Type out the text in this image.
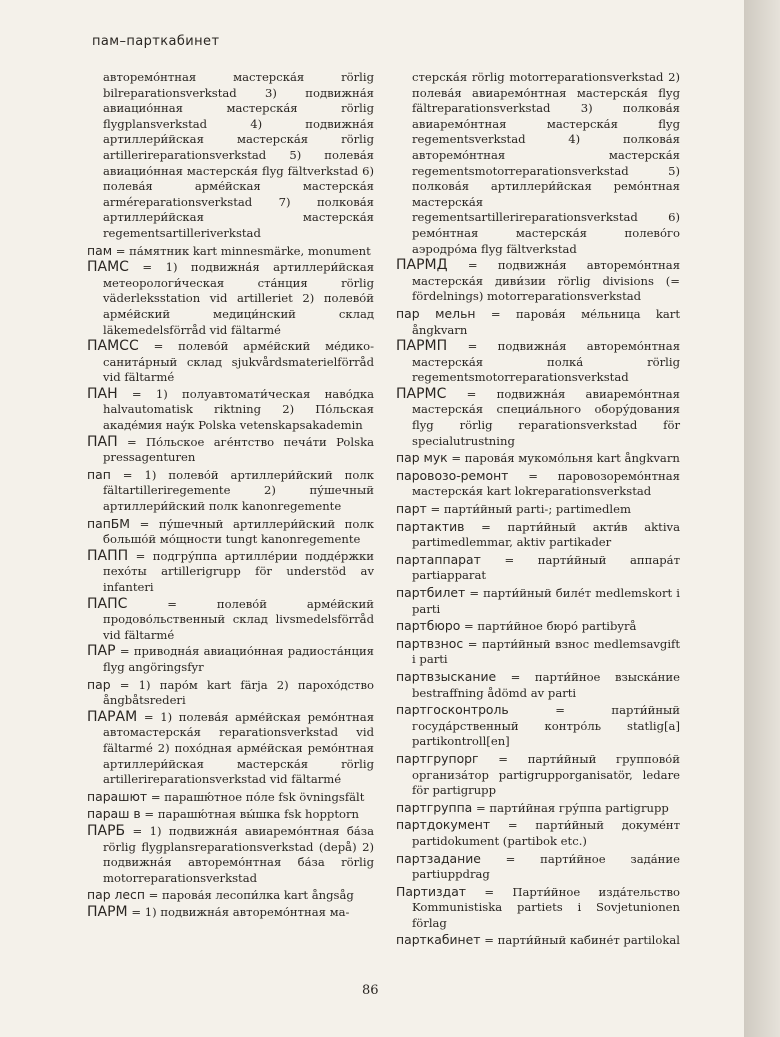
пам–парткабинет
авторемо́нтная мастерска́я rörlig bilreparationsverkstad 3) подвижна́я авиацио́нная мастерска́я rörlig flygplansverkstad 4) подвижна́я артиллери́йская мастерска́я rörlig artillerireparationsverkstad 5) полева́я авиацио́нная мастерска́я flyg fältverkstad 6) полева́я арме́йская мастерска́я arméreparationsverkstad 7) полкова́я артиллери́йская мастерска́я regementsartilleriverkstad
пам = па́мятник kart minnesmärke, monument
ПАМС = 1) подвижна́я артиллери́йская метеорологи́ческая ста́нция rörlig väderleksstation vid artilleriet 2) полево́й арме́йский медици́нский склад läkemedelsförråd vid fältarmé
ПАМСС = полево́й арме́йский ме́дико-санита́рный склад sjukvårdsmaterielförråd vid fältarmé
ПАН = 1) полуавтомати́ческая наво́дка halvautomatisk riktning 2) По́льская акаде́мия нау́к Polska vetenskapsakademin
ПАП = По́льское аге́нтство печа́ти Polska pressagenturen
пап = 1) полево́й артиллери́йский полк fältartilleriregemente 2) пу́шечный артиллери́йский полк kanonregemente
папБМ = пу́шечный артиллери́йский полк большо́й мо́щности tungt kanonregemente
ПАПП = подгру́ппа артилле́рии подде́ржки пехо́ты artillerigrupp för understöd av infanteri
ПАПС	= полево́й арме́йский продово́льственный склад livsmedelsförråd vid fältarmé
ПАР = приводна́я авиацио́нная радиоста́нция flyg angöringsfyr
пар = 1) паро́м kart färja 2) парохо́дство ångbåtsrederi
ПАРАМ = 1) полева́я арме́йская ремо́нтная автомастерска́я reparationsverkstad vid fältarmé 2) похо́дная арме́йская ремо́нтная артиллери́йская мастерска́я rörlig artillerireparationsverkstad vid fältarmé
парашют = парашю́тное по́ле fsk övningsfält
параш в = парашю́тная вы́шка fsk hopptorn
ПАРБ = 1) подвижна́я авиаремо́нтная ба́за rörlig flygplansreparationsverkstad (depå) 2) подвижна́я авторемо́нтная ба́за rörlig motorreparationsverkstad
пар лесп = парова́я лесопи́лка kart ångsåg
ПАРМ = 1) подвижна́я авторемо́нтная ма-
стерска́я rörlig motorreparationsverkstad 2) полева́я авиаремо́нтная мастерска́я flyg fältreparationsverkstad 3) полкова́я авиаремо́нтная мастерска́я flyg regementsverkstad 4) полкова́я авторемо́нтная мастерска́я regementsmotorreparationsverkstad 5) полкова́я артиллери́йская ремо́нтная мастерска́я regementsartillerireparationsverkstad 6) ремо́нтная мастерска́я полево́го аэродро́ма flyg fältverkstad
ПАРМД = подвижна́я авторемо́нтная мастерска́я диви́зии rörlig divisions (= fördelnings) motorreparationsverkstad
пар мельн = парова́я ме́льница kart ångkvarn
ПАРМП = подвижна́я авторемо́нтная мастерска́я полка́ rörlig regementsmotorreparationsverkstad
ПАРМС = подвижна́я авиаремо́нтная мастерска́я специа́льного обору́дования flyg rörlig reparationsverkstad för specialutrustning
пар мук = парова́я мукомо́льня kart ångkvarn
паровозо-ремонт = паровозоремо́нтная мастерска́я kart lokreparationsverkstad
парт = парти́йный parti-; partimedlem
партактив = парти́йный акти́в aktiva partimedlemmar, aktiv partikader
партаппарат = парти́йный аппара́т partiapparat
партбилет = парти́йный биле́т medlemskort i parti
партбюро = парти́йное бюро́ partibyrå
партвзнос = парти́йный взнос medlemsavgift i parti
партвзыскание = парти́йное взыска́ние bestraffning ådömd av parti
партгосконтроль	= парти́йный госуда́рственный контро́ль statlig[a] partikontroll[en]
партгрупорг = парти́йный группово́й организа́тор partigrupporganisatör, ledare för partigrupp
партгруппа = парти́йная гру́ппа partigrupp
партдокумент = парти́йный докуме́нт partidokument (partibok etc.)
партзадание = парти́йное зада́ние partiuppdrag
Партиздат = Парти́йное изда́тельство Kommunistiska partiets i Sovjetunionen förlag
парткабинет = парти́йный кабине́т partilokal
86
